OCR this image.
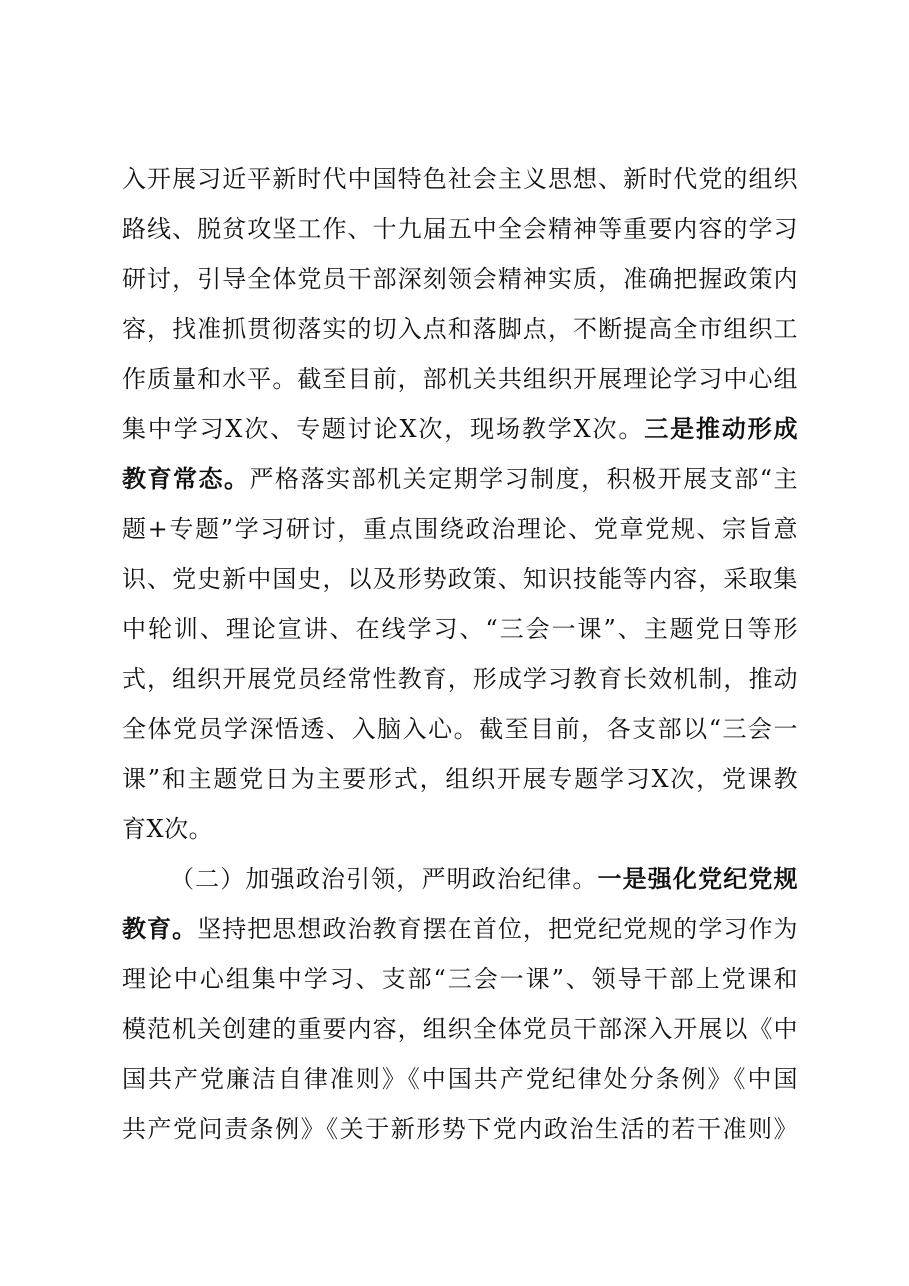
入开展习近平新时代中国特色社会主义思想、新时代党的组织
路线、脱贫攻坚工作、十九届五中全会精神等重要内容的学习
研讨，引导全体党员干部深刻领会精神实质，准确把握政策内
容，找准抓贯彻落实的切入点和落脚点，不断提高全市组织工
作质量和水平。截至目前，部机关共组织开展理论学习中心组
集中学习X次、专题讨论X次，现场教学X次。三是推动形成
教育常态。严格落实部机关定期学习制度，积极开展支部“主
题+专题”学习研讨，重点围绕政治理论、党章党规、宗旨意
识、党史新中国史，以及形势政策、知识技能等内容，采取集
中轮训、理论宣讲、在线学习、“三会一课”、主题党日等形
式，组织开展党员经常性教育，形成学习教育长效机制，推动
全体党员学深悟透、入脑入心。截至目前，各支部以“三会一
课”和主题党日为主要形式，组织开展专题学习X次，党课教
育X次。
（二）加强政治引领，严明政治纪律。一是强化党纪党规
教育。坚持把思想政治教育摆在首位，把党纪党规的学习作为
理论中心组集中学习、支部“三会一课”、领导干部上党课和
模范机关创建的重要内容，组织全体党员干部深入开展以《中
国共产党廉洁自律准则》《中国共产党纪律处分条例》《中国
共产党问责条例》《关于新形势下党内政治生活的若干准则》
